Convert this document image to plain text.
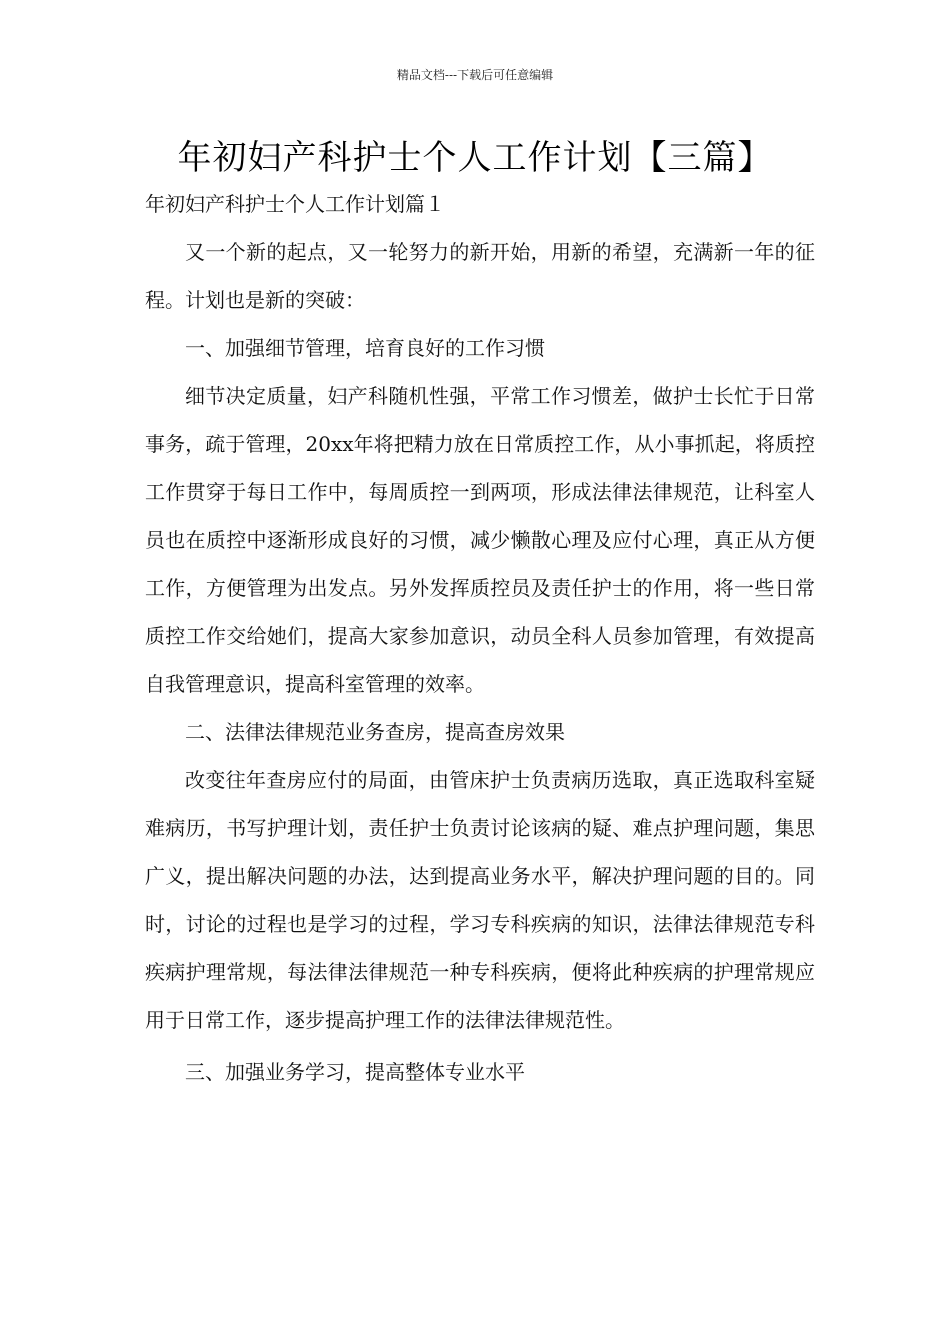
精品文档---下载后可任意编辑
年初妇产科护士个人工作计划【三篇】
年初妇产科护士个人工作计划篇１

又一个新的起点，又一轮努力的新开始，用新的希望，充满新一年的征程。计划也是新的突破：

一、加强细节管理，培育良好的工作习惯

细节决定质量，妇产科随机性强，平常工作习惯差，做护士长忙于日常事务，疏于管理，20xx年将把精力放在日常质控工作，从小事抓起，将质控工作贯穿于每日工作中，每周质控一到两项，形成法律法律规范，让科室人员也在质控中逐渐形成良好的习惯，减少懒散心理及应付心理，真正从方便工作，方便管理为出发点。另外发挥质控员及责任护士的作用，将一些日常质控工作交给她们，提高大家参加意识，动员全科人员参加管理，有效提高自我管理意识，提高科室管理的效率。

二、法律法律规范业务查房，提高查房效果

改变往年查房应付的局面，由管床护士负责病历选取，真正选取科室疑难病历，书写护理计划，责任护士负责讨论该病的疑、难点护理问题，集思广义，提出解决问题的办法，达到提高业务水平，解决护理问题的目的。同时，讨论的过程也是学习的过程，学习专科疾病的知识，法律法律规范专科疾病护理常规，每法律法律规范一种专科疾病，便将此种疾病的护理常规应用于日常工作，逐步提高护理工作的法律法律规范性。

三、加强业务学习，提高整体专业水平
